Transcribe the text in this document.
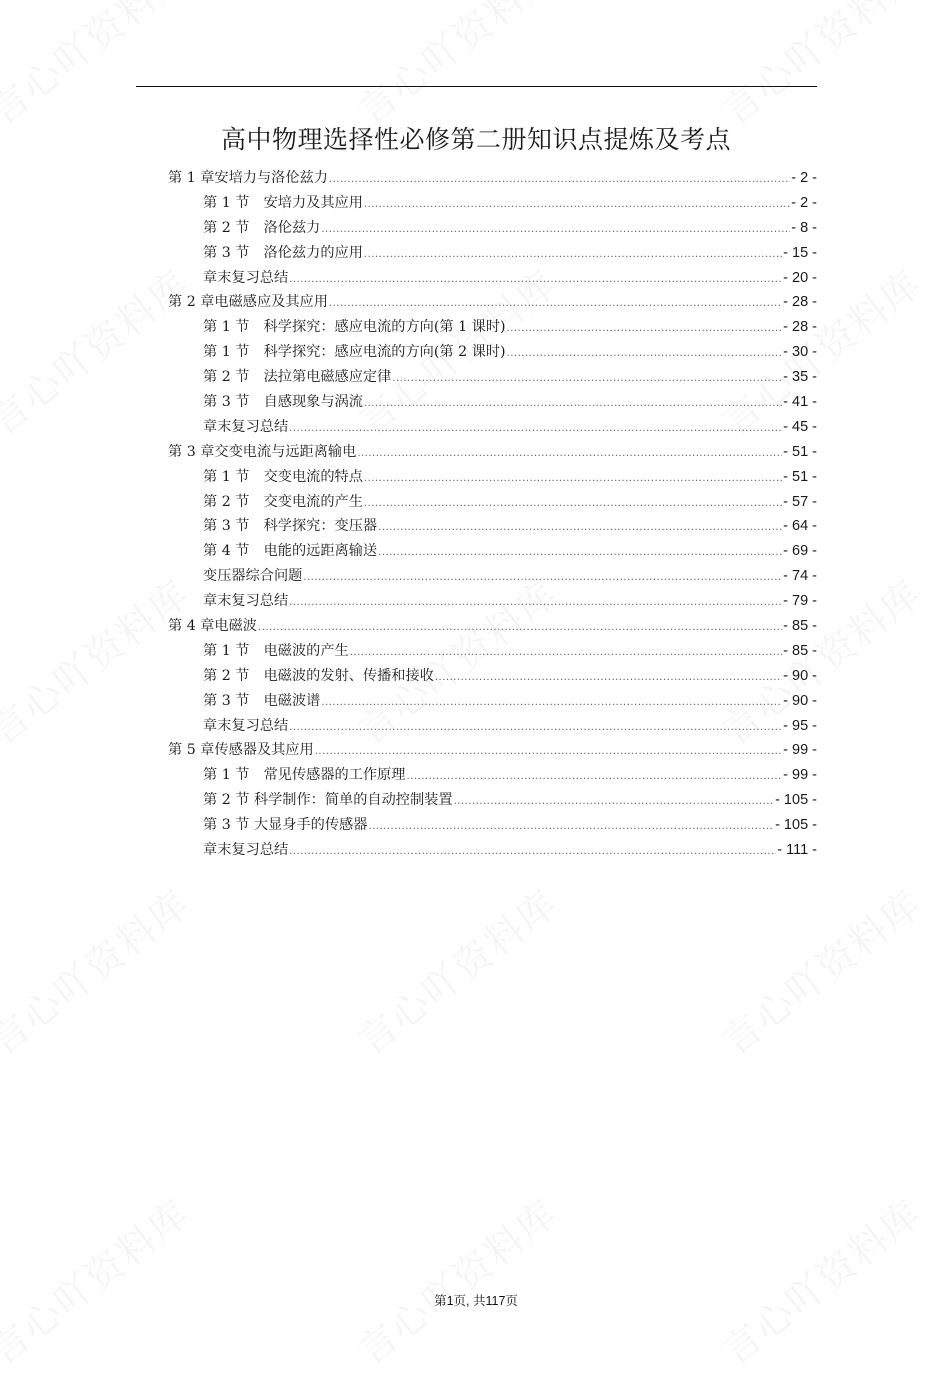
高中物理选择性必修第二册知识点提炼及考点
第 1 章安培力与洛伦兹力 .....	- 2 -
第 1 节　安培力及其应用 .....	- 2 -
第 2 节　洛伦兹力 .....	- 8 -
第 3 节　洛伦兹力的应用 .....	- 15 -
章末复习总结 .....	- 20 -
第 2 章电磁感应及其应用 .....	- 28 -
第 1 节　科学探究：感应电流的方向(第 1 课时) .....	- 28 -
第 1 节　科学探究：感应电流的方向(第 2 课时) .....	- 30 -
第 2 节　法拉第电磁感应定律 .....	- 35 -
第 3 节　自感现象与涡流 .....	- 41 -
章末复习总结 .....	- 45 -
第 3 章交变电流与远距离输电 .....	- 51 -
第 1 节　交变电流的特点 .....	- 51 -
第 2 节　交变电流的产生 .....	- 57 -
第 3 节　科学探究：变压器 .....	- 64 -
第 4 节　电能的远距离输送 .....	- 69 -
变压器综合问题 .....	- 74 -
章末复习总结 .....	- 79 -
第 4 章电磁波 .....	- 85 -
第 1 节　电磁波的产生 .....	- 85 -
第 2 节　电磁波的发射、传播和接收 .....	- 90 -
第 3 节　电磁波谱 .....	- 90 -
章末复习总结 .....	- 95 -
第 5 章传感器及其应用 .....	- 99 -
第 1 节　常见传感器的工作原理 .....	- 99 -
第 2 节 科学制作：简单的自动控制装置 .....	- 105 -
第 3 节 大显身手的传感器 .....	- 105 -
章末复习总结 .....	- 111 -
第1页, 共117页
